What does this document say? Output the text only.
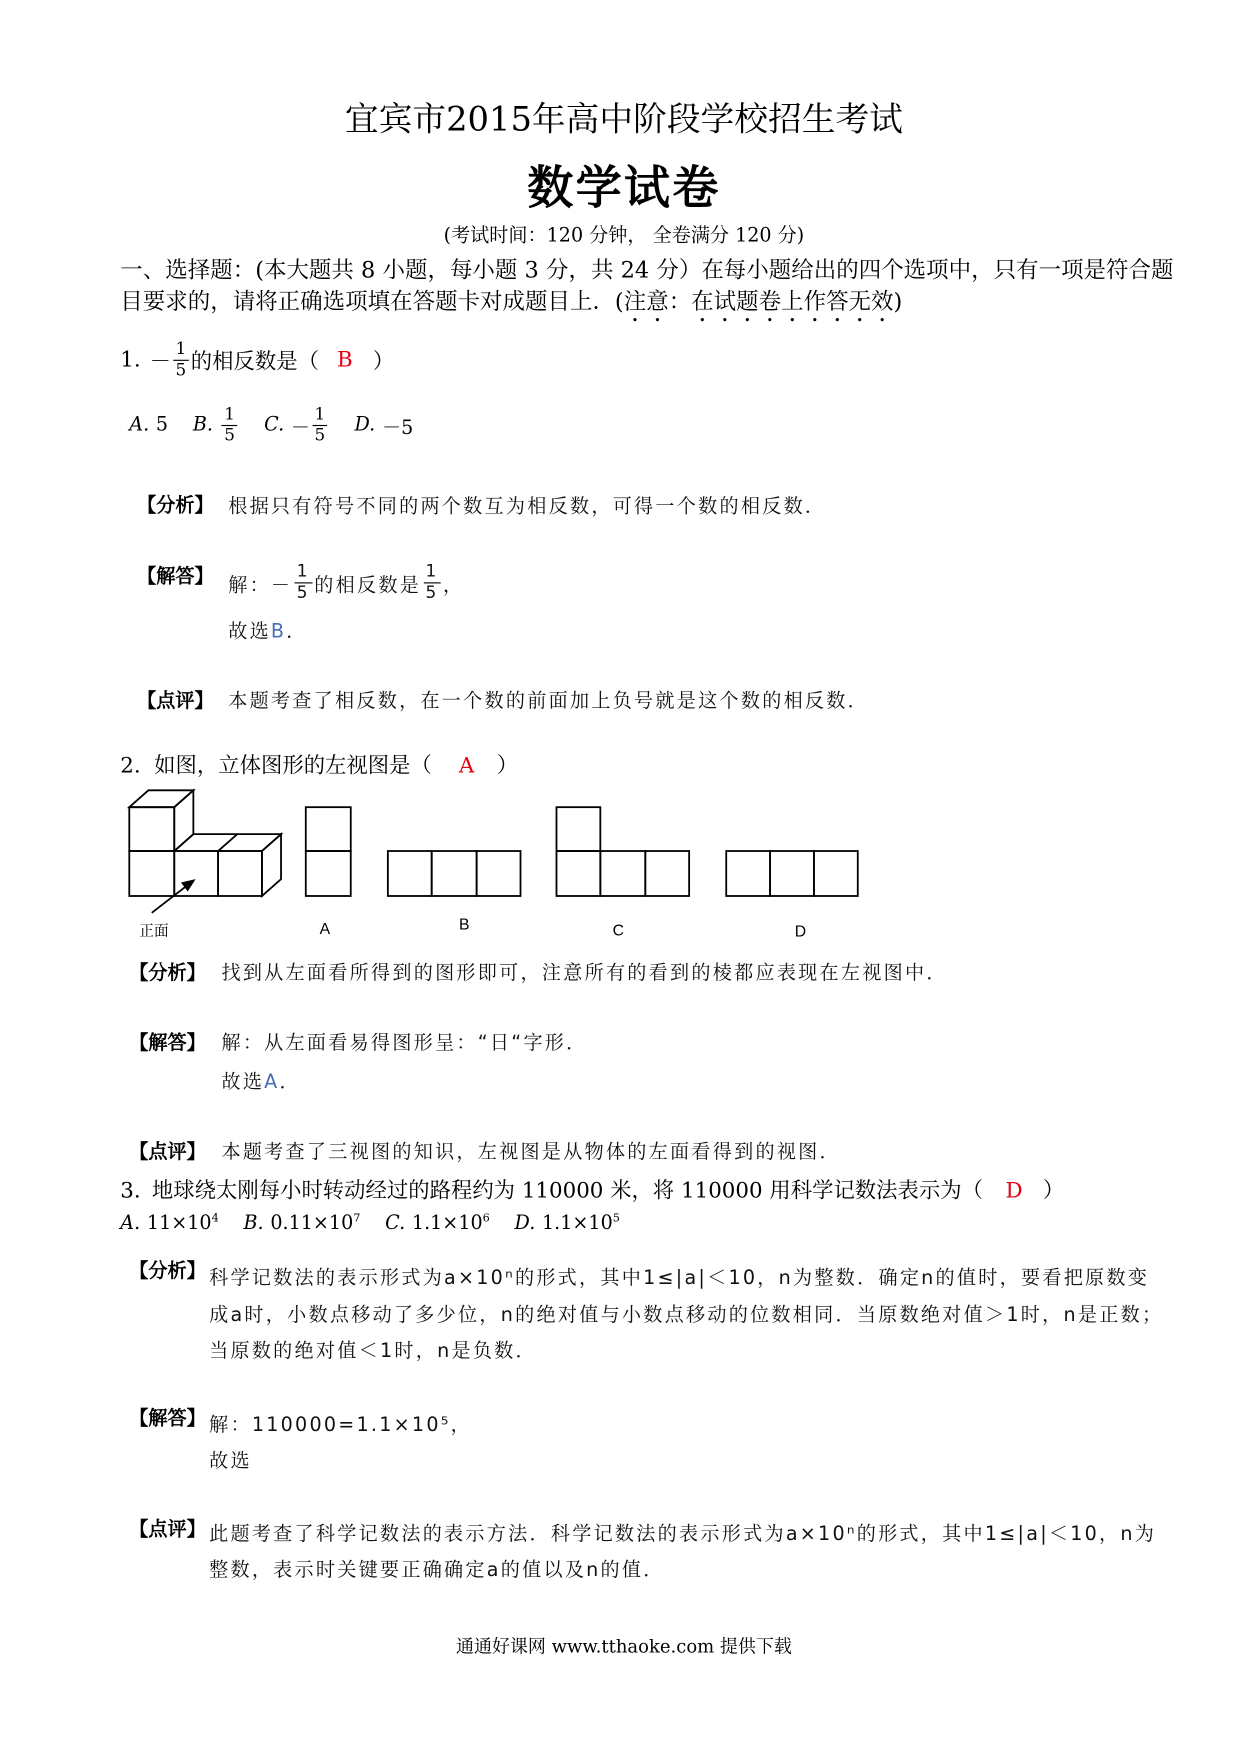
宜宾市2015年高中阶段学校招生考试
数学试卷
(考试时间：120 分钟， 全卷满分 120 分)
一、选择题：(本大题共 8 小题，每小题 3 分，共 24 分）在每小题给出的四个选项中，只有一项是符合题
目要求的，请将正确选项填在答题卡对成题目上．(注意：在试题卷上作答无效)
1. － $\frac{1}{5}$ 的相反数是（ B ）
A. 5 B. $\frac{1}{5} C$. － $\frac{1}{5} D$. －5
【分析】 根据只有符号不同的两个数互为相反数，可得一个数的相反数．
【解答】 解： － $\frac{1}{5}$ 的相反数是 $\frac{1}{5}$ ，
故选B．
【点评】 本题考查了相反数，在一个数的前面加上负号就是这个数的相反数．
2. 如图，立体图形的左视图是（ A ）
正面	A	B	C	D
【分析】 找到从左面看所得到的图形即可，注意所有的看到的棱都应表现在左视图中．
【解答】 解：从左面看易得图形呈：“日“字形．
故选A．
【点评】 本题考查了三视图的知识，左视图是从物体的左面看得到的视图．
3. 地球绕太刚每小时转动经过的路程约为 110000 米，将 110000 用科学记数法表示为（ D ）
A. $11\times 10^4$ B. $0.11\times 10^7$ C. $1.1\times 10^6$ D. $1.1\times 10^5$
【分析】 科学记数法的表示形式为a×10ⁿ的形式，其中1≤|a|＜10，n为整数．确定n的值时，要看把原数变
成a时，小数点移动了多少位，n的绝对值与小数点移动的位数相同．当原数绝对值＞1时，n是正数；
当原数的绝对值＜1时，n是负数．
【解答】 解：110000=1.1×10⁵，
故选
【点评】 此题考查了科学记数法的表示方法．科学记数法的表示形式为a×10ⁿ的形式，其中1≤|a|＜10，n为
整数，表示时关键要正确确定a的值以及n的值．
通通好课网 www.tthaoke.com 提供下载
